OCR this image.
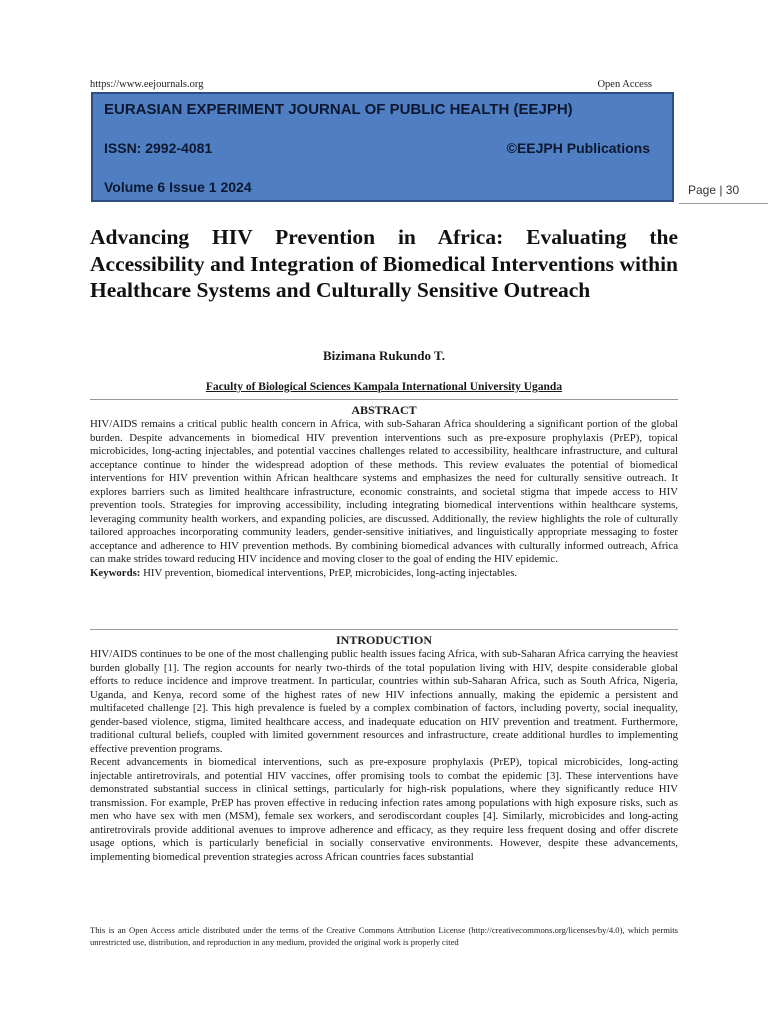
https://www.eejournals.org	Open Access
EURASIAN EXPERIMENT JOURNAL OF PUBLIC HEALTH (EEJPH)
ISSN: 2992-4081	©EEJPH Publications
Volume 6 Issue 1 2024	Page | 30
Advancing HIV Prevention in Africa: Evaluating the Accessibility and Integration of Biomedical Interventions within Healthcare Systems and Culturally Sensitive Outreach
Bizimana Rukundo T.
Faculty of Biological Sciences Kampala International University Uganda
ABSTRACT

HIV/AIDS remains a critical public health concern in Africa, with sub-Saharan Africa shouldering a significant portion of the global burden. Despite advancements in biomedical HIV prevention interventions such as pre-exposure prophylaxis (PrEP), topical microbicides, long-acting injectables, and potential vaccines challenges related to accessibility, healthcare infrastructure, and cultural acceptance continue to hinder the widespread adoption of these methods. This review evaluates the potential of biomedical interventions for HIV prevention within African healthcare systems and emphasizes the need for culturally sensitive outreach. It explores barriers such as limited healthcare infrastructure, economic constraints, and societal stigma that impede access to HIV prevention tools. Strategies for improving accessibility, including integrating biomedical interventions within healthcare systems, leveraging community health workers, and expanding policies, are discussed. Additionally, the review highlights the role of culturally tailored approaches incorporating community leaders, gender-sensitive initiatives, and linguistically appropriate messaging to foster acceptance and adherence to HIV prevention methods. By combining biomedical advances with culturally informed outreach, Africa can make strides toward reducing HIV incidence and moving closer to the goal of ending the HIV epidemic.

Keywords: HIV prevention, biomedical interventions, PrEP, microbicides, long-acting injectables.

INTRODUCTION

HIV/AIDS continues to be one of the most challenging public health issues facing Africa, with sub-Saharan Africa carrying the heaviest burden globally [1]. The region accounts for nearly two-thirds of the total population living with HIV, despite considerable global efforts to reduce incidence and improve treatment. In particular, countries within sub-Saharan Africa, such as South Africa, Nigeria, Uganda, and Kenya, record some of the highest rates of new HIV infections annually, making the epidemic a persistent and multifaceted challenge [2]. This high prevalence is fueled by a complex combination of factors, including poverty, social inequality, gender-based violence, stigma, limited healthcare access, and inadequate education on HIV prevention and treatment. Furthermore, traditional cultural beliefs, coupled with limited government resources and infrastructure, create additional hurdles to implementing effective prevention programs.

Recent advancements in biomedical interventions, such as pre-exposure prophylaxis (PrEP), topical microbicides, long-acting injectable antiretrovirals, and potential HIV vaccines, offer promising tools to combat the epidemic [3]. These interventions have demonstrated substantial success in clinical settings, particularly for high-risk populations, where they significantly reduce HIV transmission. For example, PrEP has proven effective in reducing infection rates among populations with high exposure risks, such as men who have sex with men (MSM), female sex workers, and serodiscordant couples [4]. Similarly, microbicides and long-acting antiretrovirals provide additional avenues to improve adherence and efficacy, as they require less frequent dosing and offer discrete usage options, which is particularly beneficial in socially conservative environments. However, despite these advancements, implementing biomedical prevention strategies across African countries faces substantial

This is an Open Access article distributed under the terms of the Creative Commons Attribution License (http://creativecommons.org/licenses/by/4.0), which permits unrestricted use, distribution, and reproduction in any medium, provided the original work is properly cited
